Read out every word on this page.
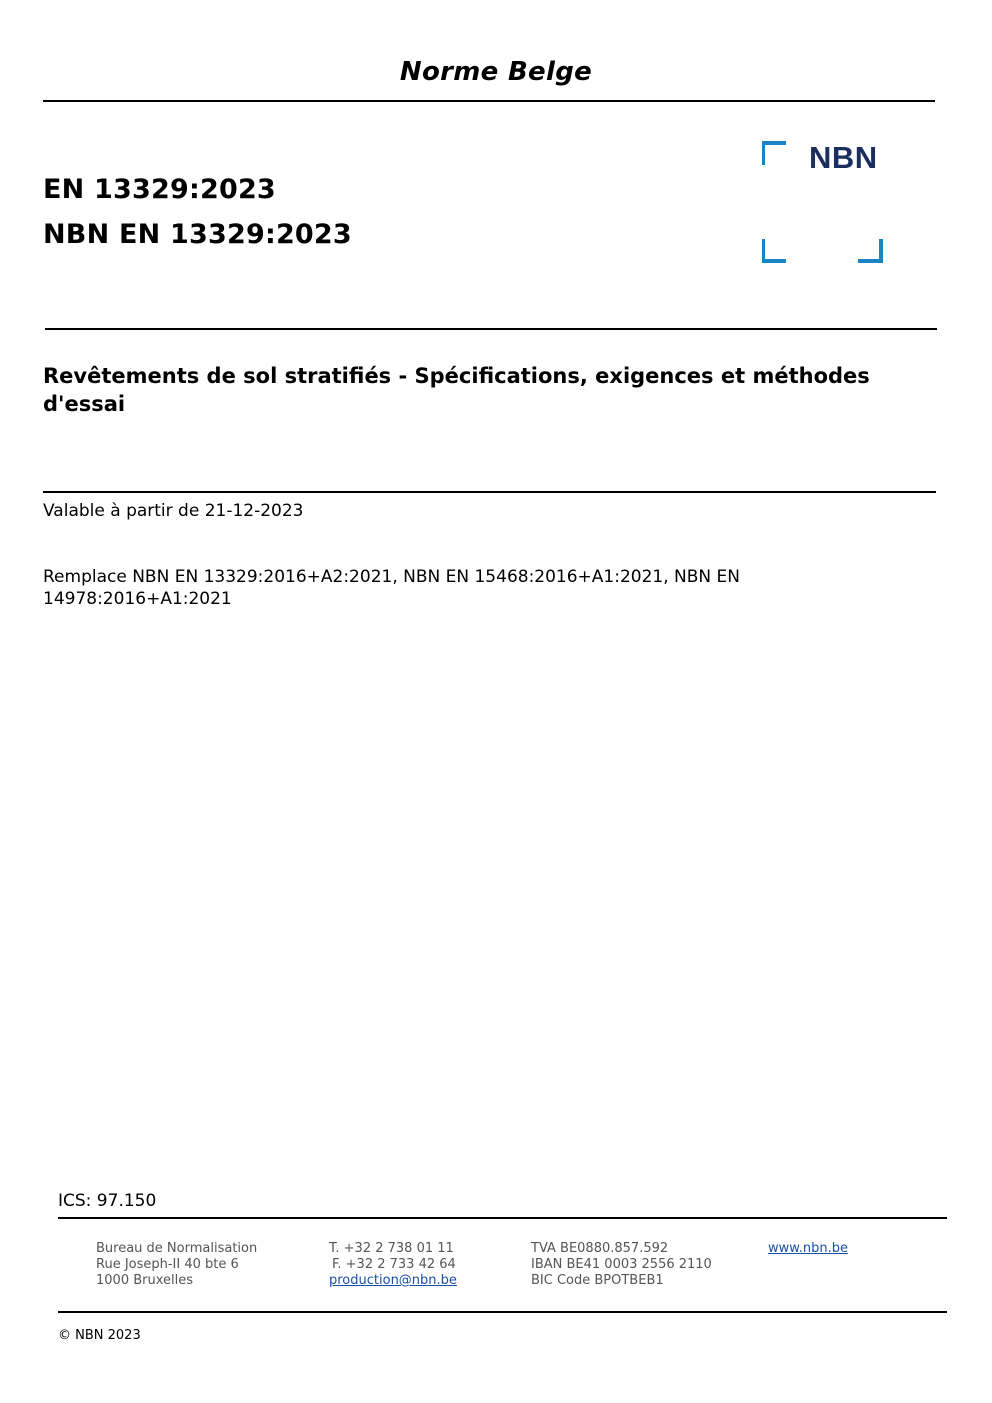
Norme Belge
EN 13329:2023
NBN EN 13329:2023
NBN
Revêtements de sol stratifiés - Spécifications, exigences et méthodes d'essai
Valable à partir de 21-12-2023
Remplace NBN EN 13329:2016+A2:2021, NBN EN 15468:2016+A1:2021, NBN EN 14978:2016+A1:2021
ICS: 97.150
Bureau de Normalisation
Rue Joseph-II 40 bte 6
1000 Bruxelles
T. +32 2 738 01 11
F. +32 2 733 42 64
production@nbn.be
TVA BE0880.857.592
IBAN BE41 0003 2556 2110
BIC Code BPOTBEB1
www.nbn.be
© NBN 2023
